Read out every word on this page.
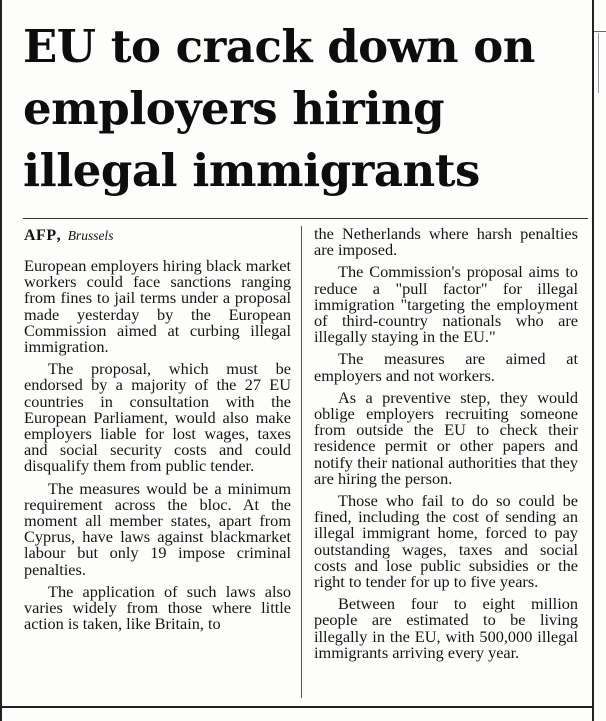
EU to crack down on
employers hiring
illegal immigrants
AFP, Brussels

European employers hiring black market workers could face sanctions ranging from fines to jail terms under a proposal made yesterday by the European Commission aimed at curbing illegal immigration.

The proposal, which must be endorsed by a majority of the 27 EU countries in consultation with the European Parliament, would also make employers liable for lost wages, taxes and social security costs and could disqualify them from public tender.

The measures would be a minimum requirement across the bloc. At the moment all member states, apart from Cyprus, have laws against blackmarket labour but only 19 impose criminal penalties.

The application of such laws also varies widely from those where little action is taken, like Britain, to

the Netherlands where harsh penalties are imposed.

The Commission's proposal aims to reduce a "pull factor" for illegal immigration "targeting the employment of third-country nationals who are illegally staying in the EU."

The measures are aimed at employers and not workers.

As a preventive step, they would oblige employers recruiting someone from outside the EU to check their residence permit or other papers and notify their national authorities that they are hiring the person.

Those who fail to do so could be fined, including the cost of sending an illegal immigrant home, forced to pay outstanding wages, taxes and social costs and lose public subsidies or the right to tender for up to five years.

Between four to eight million people are estimated to be living illegally in the EU, with 500,000 illegal immigrants arriving every year.
